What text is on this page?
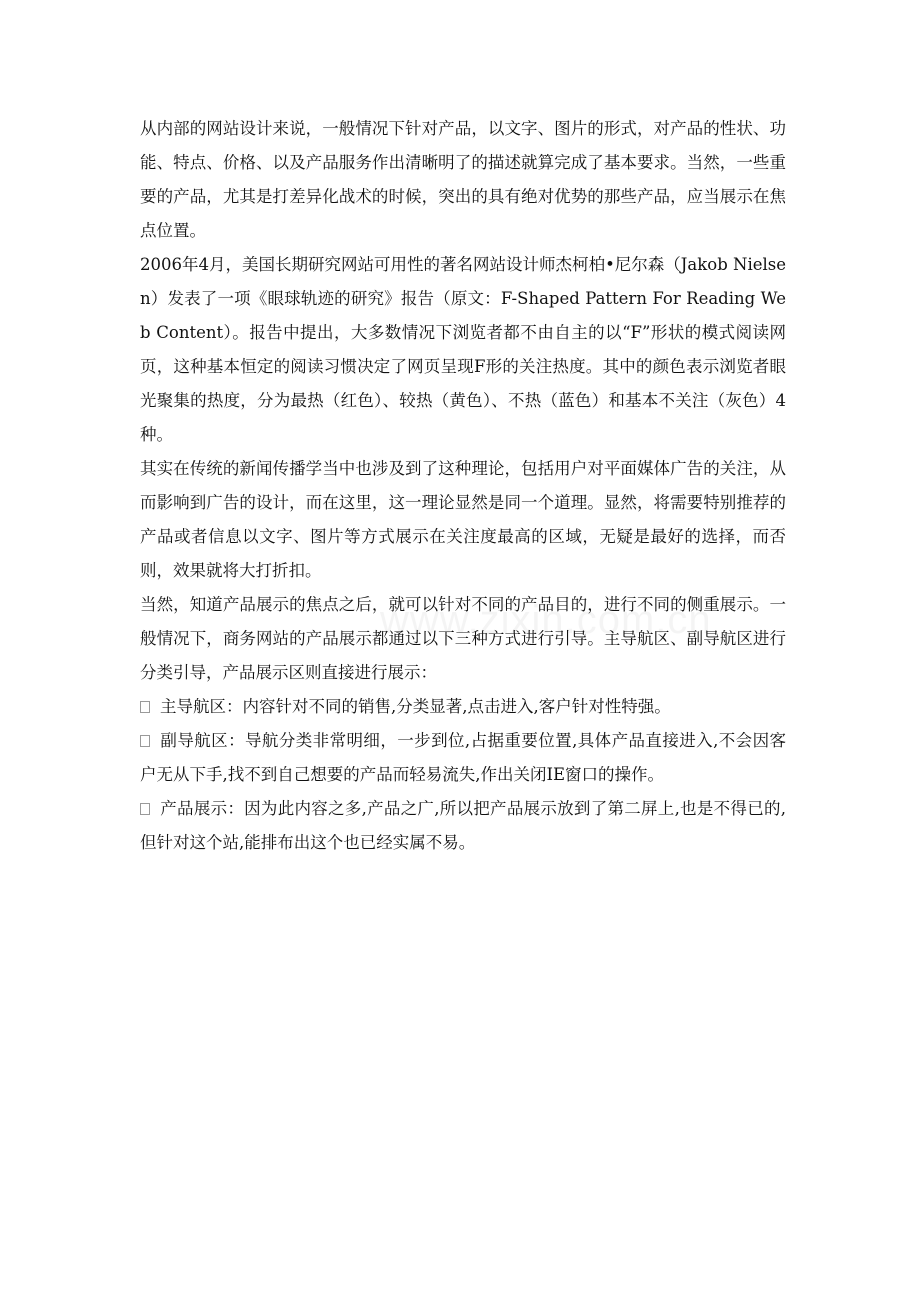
从内部的网站设计来说，一般情况下针对产品，以文字、图片的形式，对产品的性状、功能、特点、价格、以及产品服务作出清晰明了的描述就算完成了基本要求。当然，一些重要的产品，尤其是打差异化战术的时候，突出的具有绝对优势的那些产品，应当展示在焦点位置。

2006年4月，美国长期研究网站可用性的著名网站设计师杰柯柏•尼尔森（Jakob Nielsen）发表了一项《眼球轨迹的研究》报告（原文：F-Shaped Pattern For Reading Web Content）。报告中提出，大多数情况下浏览者都不由自主的以“F”形状的模式阅读网页，这种基本恒定的阅读习惯决定了网页呈现F形的关注热度。其中的颜色表示浏览者眼光聚集的热度，分为最热（红色）、较热（黄色）、不热（蓝色）和基本不关注（灰色）4种。

其实在传统的新闻传播学当中也涉及到了这种理论，包括用户对平面媒体广告的关注，从而影响到广告的设计，而在这里，这一理论显然是同一个道理。显然，将需要特别推荐的产品或者信息以文字、图片等方式展示在关注度最高的区域，无疑是最好的选择，而否则，效果就将大打折扣。

当然，知道产品展示的焦点之后，就可以针对不同的产品目的，进行不同的侧重展示。一般情况下，商务网站的产品展示都通过以下三种方式进行引导。主导航区、副导航区进行分类引导，产品展示区则直接进行展示：

主导航区：内容针对不同的销售,分类显著,点击进入,客户针对性特强。

副导航区：导航分类非常明细，一步到位,占据重要位置,具体产品直接进入,不会因客户无从下手,找不到自己想要的产品而轻易流失,作出关闭IE窗口的操作。

产品展示：因为此内容之多,产品之广,所以把产品展示放到了第二屏上,也是不得已的,但针对这个站,能排布出这个也已经实属不易。
